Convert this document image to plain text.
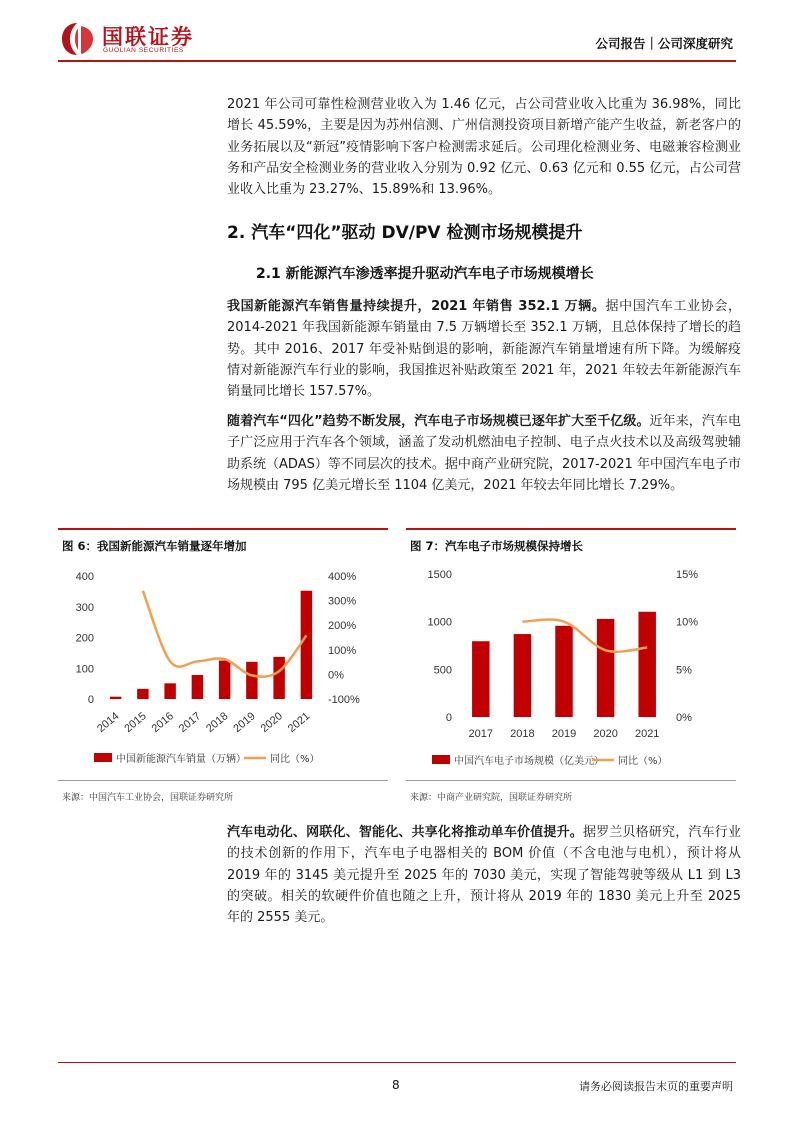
国联证券
GUOLIAN SECURITIES	公司报告｜公司深度研究
2021 年公司可靠性检测营业收入为 1.46 亿元，占公司营业收入比重为 36.98%，同比增长 45.59%，主要是因为苏州信测、广州信测投资项目新增产能产生收益，新老客户的业务拓展以及“新冠”疫情影响下客户检测需求延后。公司理化检测业务、电磁兼容检测业务和产品安全检测业务的营业收入分别为 0.92 亿元、0.63 亿元和 0.55 亿元，占公司营业收入比重为 23.27%、15.89%和 13.96%。
2. 汽车“四化”驱动 DV/PV 检测市场规模提升
2.1 新能源汽车渗透率提升驱动汽车电子市场规模增长
我国新能源汽车销售量持续提升，2021 年销售 352.1 万辆。据中国汽车工业协会，2014-2021 年我国新能源车销量由 7.5 万辆增长至 352.1 万辆，且总体保持了增长的趋势。其中 2016、2017 年受补贴倒退的影响，新能源汽车销量增速有所下降。为缓解疫情对新能源汽车行业的影响，我国推迟补贴政策至 2021 年，2021 年较去年新能源汽车销量同比增长 157.57%。
随着汽车“四化”趋势不断发展，汽车电子市场规模已逐年扩大至千亿级。近年来，汽车电子广泛应用于汽车各个领域，涵盖了发动机燃油电子控制、电子点火技术以及高级驾驶辅助系统（ADAS）等不同层次的技术。据中商产业研究院，2017-2021 年中国汽车电子市场规模由 795 亿美元增长至 1104 亿美元，2021 年较去年同比增长 7.29%。
图 6：我国新能源汽车销量逐年增加
0
100
200
300
400
-100%
0%
100%
200%
300%
400%
2014 2015 2016 2017 2018 2019 2020 2021
中国新能源汽车销量（万辆） 同比（%）
来源：中国汽车工业协会，国联证券研究所
图 7：汽车电子市场规模保持增长
0
500
1000
1500
0%
5%
10%
15%
2017 2018 2019 2020 2021
中国汽车电子市场规模（亿美元） 同比（%）
来源：中商产业研究院，国联证券研究所
汽车电动化、网联化、智能化、共享化将推动单车价值提升。据罗兰贝格研究，汽车行业的技术创新的作用下，汽车电子电器相关的 BOM 价值（不含电池与电机），预计将从 2019 年的 3145 美元提升至 2025 年的 7030 美元，实现了智能驾驶等级从 L1 到 L3 的突破。相关的软硬件价值也随之上升，预计将从 2019 年的 1830 美元上升至 2025 年的 2555 美元。
8	请务必阅读报告末页的重要声明
